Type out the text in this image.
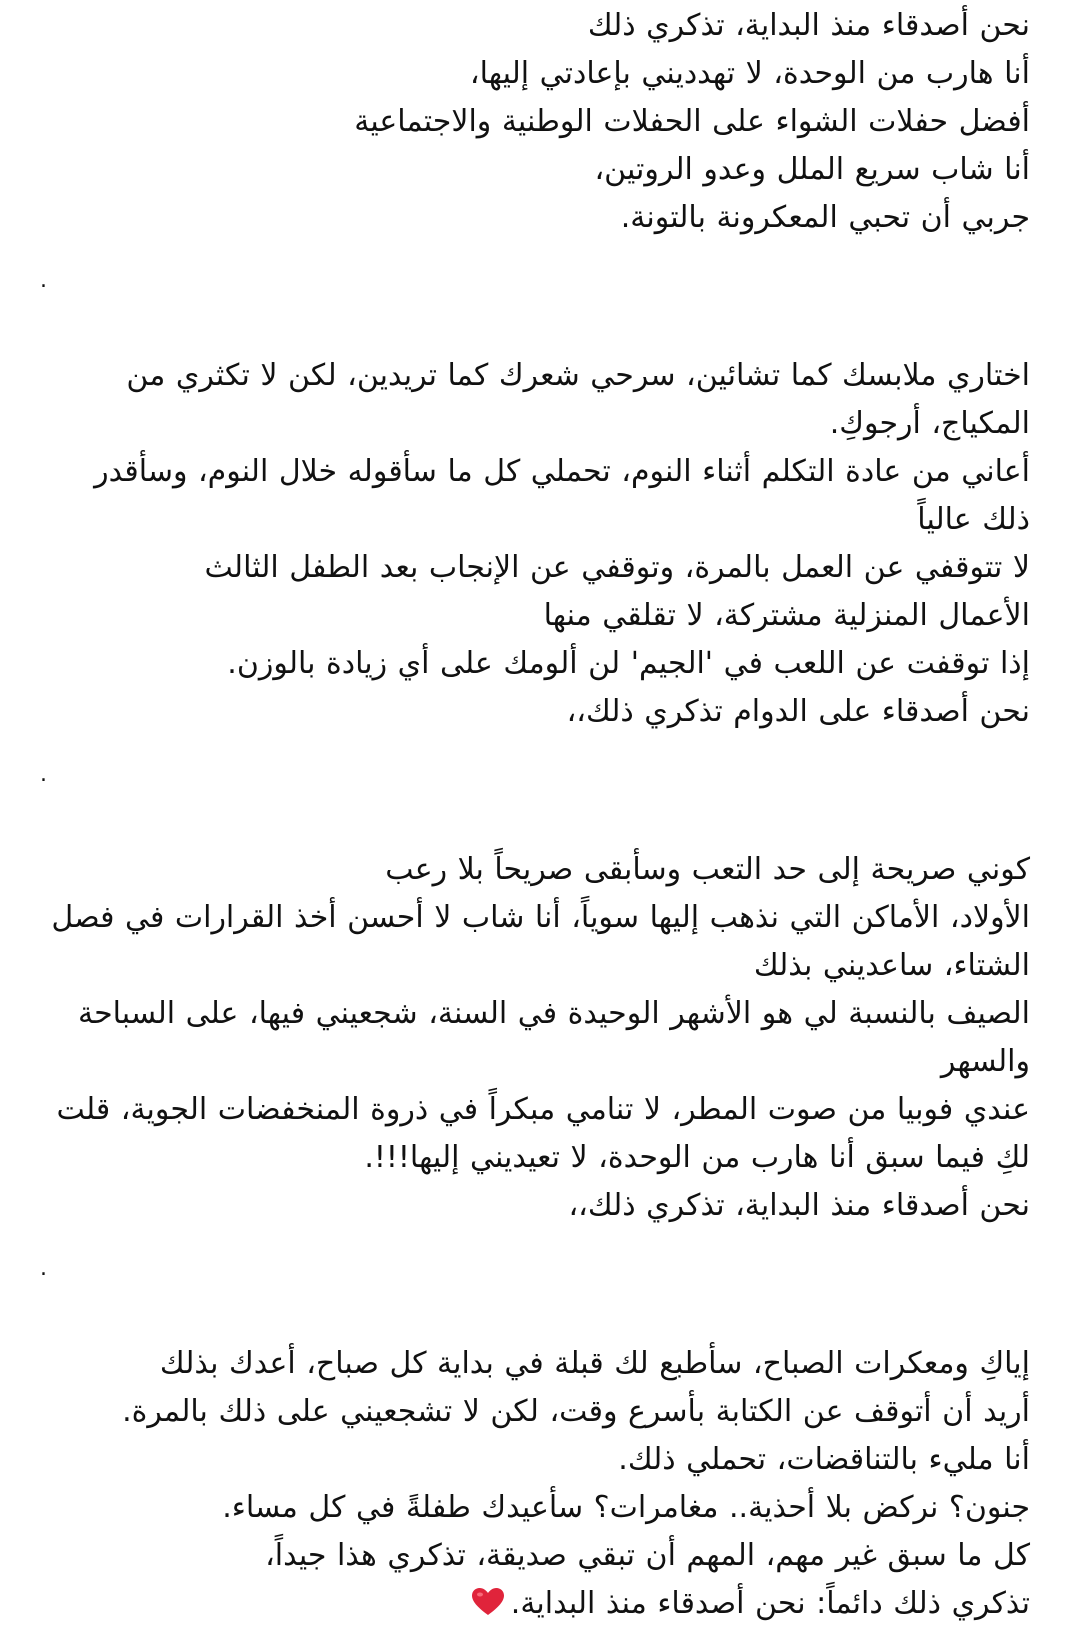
نحن أصدقاء منذ البداية، تذكري ذلك
أنا هارب من الوحدة، لا تهدديني بإعادتي إليها،
أفضل حفلات الشواء على الحفلات الوطنية والاجتماعية
أنا شاب سريع الملل وعدو الروتين،
جربي أن تحبي المعكرونة بالتونة.
.
اختاري ملابسك كما تشائين، سرحي شعرك كما تريدين، لكن لا تكثري من المكياج، أرجوكِ.
أعاني من عادة التكلم أثناء النوم، تحملي كل ما سأقوله خلال النوم، وسأقدر ذلك عالياً
لا تتوقفي عن العمل بالمرة، وتوقفي عن الإنجاب بعد الطفل الثالث
الأعمال المنزلية مشتركة، لا تقلقي منها
إذا توقفت عن اللعب في 'الجيم' لن ألومك على أي زيادة بالوزن.
نحن أصدقاء على الدوام تذكري ذلك،،
.
كوني صريحة إلى حد التعب وسأبقى صريحاً بلا رعب
الأولاد، الأماكن التي نذهب إليها سوياً، أنا شاب لا أحسن أخذ القرارات في فصل الشتاء، ساعديني بذلك
الصيف بالنسبة لي هو الأشهر الوحيدة في السنة، شجعيني فيها، على السباحة والسهر
عندي فوبيا من صوت المطر، لا تنامي مبكراً في ذروة المنخفضات الجوية، قلت لكِ فيما سبق أنا هارب من الوحدة، لا تعيديني إليها!!!.
نحن أصدقاء منذ البداية، تذكري ذلك،،
.
إياكِ ومعكرات الصباح، سأطبع لك قبلة في بداية كل صباح، أعدك بذلك
أريد أن أتوقف عن الكتابة بأسرع وقت، لكن لا تشجعيني على ذلك بالمرة.
أنا مليء بالتناقضات، تحملي ذلك.
جنون؟ نركض بلا أحذية.. مغامرات؟ سأعيدك طفلةً في كل مساء.
كل ما سبق غير مهم، المهم أن تبقي صديقة، تذكري هذا جيداً،
تذكري ذلك دائماً: نحن أصدقاء منذ البداية.
